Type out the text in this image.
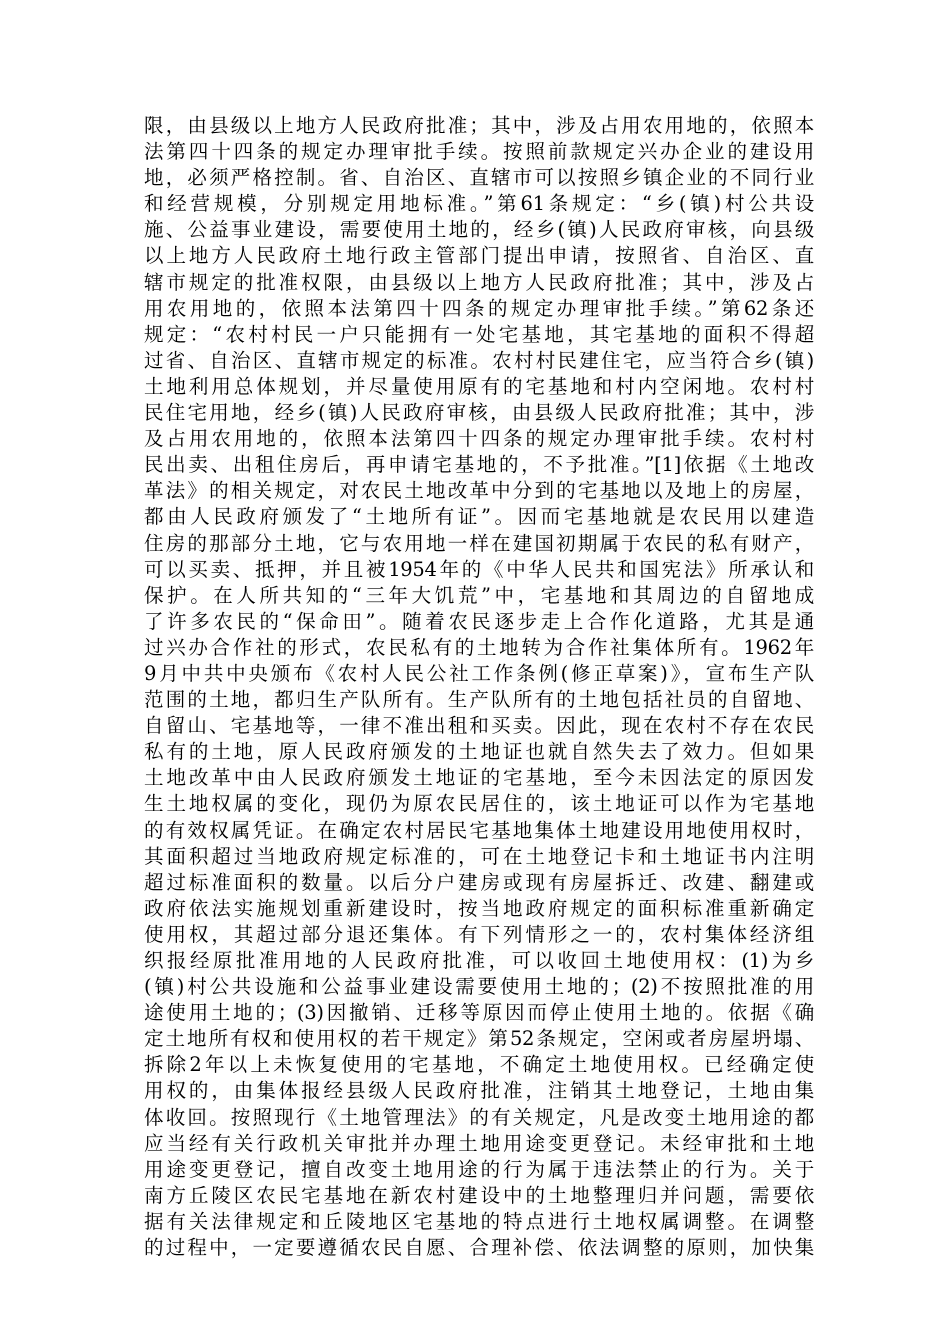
限，由县级以上地方人民政府批准；其中，涉及占用农用地的，依照本
法第四十四条的规定办理审批手续。按照前款规定兴办企业的建设用
地，必须严格控制。省、自治区、直辖市可以按照乡镇企业的不同行业
和经营规模，分别规定用地标准。”第61条规定：“乡(镇)村公共设
施、公益事业建设，需要使用土地的，经乡(镇)人民政府审核，向县级
以上地方人民政府土地行政主管部门提出申请，按照省、自治区、直
辖市规定的批准权限，由县级以上地方人民政府批准；其中，涉及占
用农用地的，依照本法第四十四条的规定办理审批手续。”第62条还
规定：“农村村民一户只能拥有一处宅基地，其宅基地的面积不得超
过省、自治区、直辖市规定的标准。农村村民建住宅，应当符合乡(镇)
土地利用总体规划，并尽量使用原有的宅基地和村内空闲地。农村村
民住宅用地，经乡(镇)人民政府审核，由县级人民政府批准；其中，涉
及占用农用地的，依照本法第四十四条的规定办理审批手续。农村村
民出卖、出租住房后，再申请宅基地的，不予批准。”[1]依据《土地改
革法》的相关规定，对农民土地改革中分到的宅基地以及地上的房屋，
都由人民政府颁发了“土地所有证”。因而宅基地就是农民用以建造
住房的那部分土地，它与农用地一样在建国初期属于农民的私有财产，
可以买卖、抵押，并且被1954年的《中华人民共和国宪法》所承认和
保护。在人所共知的“三年大饥荒”中，宅基地和其周边的自留地成
了许多农民的“保命田”。随着农民逐步走上合作化道路，尤其是通
过兴办合作社的形式，农民私有的土地转为合作社集体所有。1962年
9月中共中央颁布《农村人民公社工作条例(修正草案)》，宣布生产队
范围的土地，都归生产队所有。生产队所有的土地包括社员的自留地、
自留山、宅基地等，一律不准出租和买卖。因此，现在农村不存在农民
私有的土地，原人民政府颁发的土地证也就自然失去了效力。但如果
土地改革中由人民政府颁发土地证的宅基地，至今未因法定的原因发
生土地权属的变化，现仍为原农民居住的，该土地证可以作为宅基地
的有效权属凭证。在确定农村居民宅基地集体土地建设用地使用权时，
其面积超过当地政府规定标准的，可在土地登记卡和土地证书内注明
超过标准面积的数量。以后分户建房或现有房屋拆迁、改建、翻建或
政府依法实施规划重新建设时，按当地政府规定的面积标准重新确定
使用权，其超过部分退还集体。有下列情形之一的，农村集体经济组
织报经原批准用地的人民政府批准，可以收回土地使用权：(1)为乡
(镇)村公共设施和公益事业建设需要使用土地的；(2)不按照批准的用
途使用土地的；(3)因撤销、迁移等原因而停止使用土地的。依据《确
定土地所有权和使用权的若干规定》第52条规定，空闲或者房屋坍塌、
拆除2年以上未恢复使用的宅基地，不确定土地使用权。已经确定使
用权的，由集体报经县级人民政府批准，注销其土地登记，土地由集
体收回。按照现行《土地管理法》的有关规定，凡是改变土地用途的都
应当经有关行政机关审批并办理土地用途变更登记。未经审批和土地
用途变更登记，擅自改变土地用途的行为属于违法禁止的行为。关于
南方丘陵区农民宅基地在新农村建设中的土地整理归并问题，需要依
据有关法律规定和丘陵地区宅基地的特点进行土地权属调整。在调整
的过程中，一定要遵循农民自愿、合理补偿、依法调整的原则，加快集
